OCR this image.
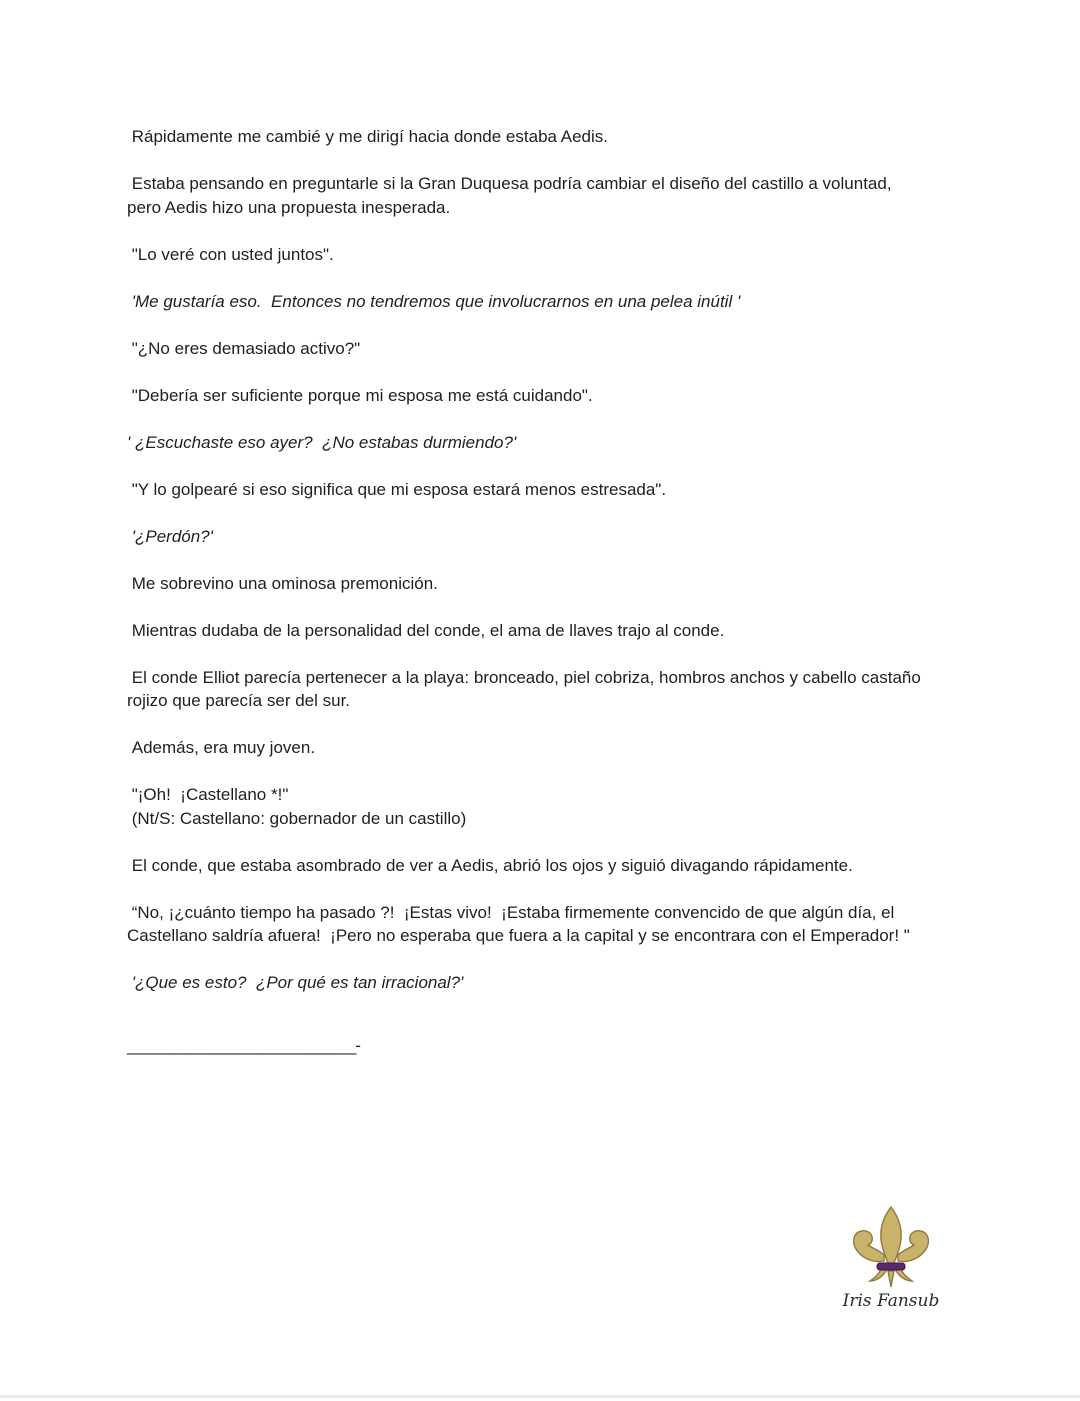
Rápidamente me cambié y me dirigí hacia donde estaba Aedis.

Estaba pensando en preguntarle si la Gran Duquesa podría cambiar el diseño del castillo a voluntad,
pero Aedis hizo una propuesta inesperada.

"Lo veré con usted juntos".

'Me gustaría eso.  Entonces no tendremos que involucrarnos en una pelea inútil '

"¿No eres demasiado activo?"

"Debería ser suficiente porque mi esposa me está cuidando".

' ¿Escuchaste eso ayer?  ¿No estabas durmiendo?'

"Y lo golpearé si eso significa que mi esposa estará menos estresada".

'¿Perdón?'

Me sobrevino una ominosa premonición.

Mientras dudaba de la personalidad del conde, el ama de llaves trajo al conde.

El conde Elliot parecía pertenecer a la playa: bronceado, piel cobriza, hombros anchos y cabello castaño
rojizo que parecía ser del sur.

Además, era muy joven.

"¡Oh!  ¡Castellano *!"
(Nt/S: Castellano: gobernador de un castillo)

El conde, que estaba asombrado de ver a Aedis, abrió los ojos y siguió divagando rápidamente.

“No, ¡¿cuánto tiempo ha pasado ?!  ¡Estas vivo!  ¡Estaba firmemente convencido de que algún día, el
Castellano saldría afuera!  ¡Pero no esperaba que fuera a la capital y se encontrara con el Emperador! "

'¿Que es esto?  ¿Por qué es tan irracional?'

___________________________-
Iris Fansub
